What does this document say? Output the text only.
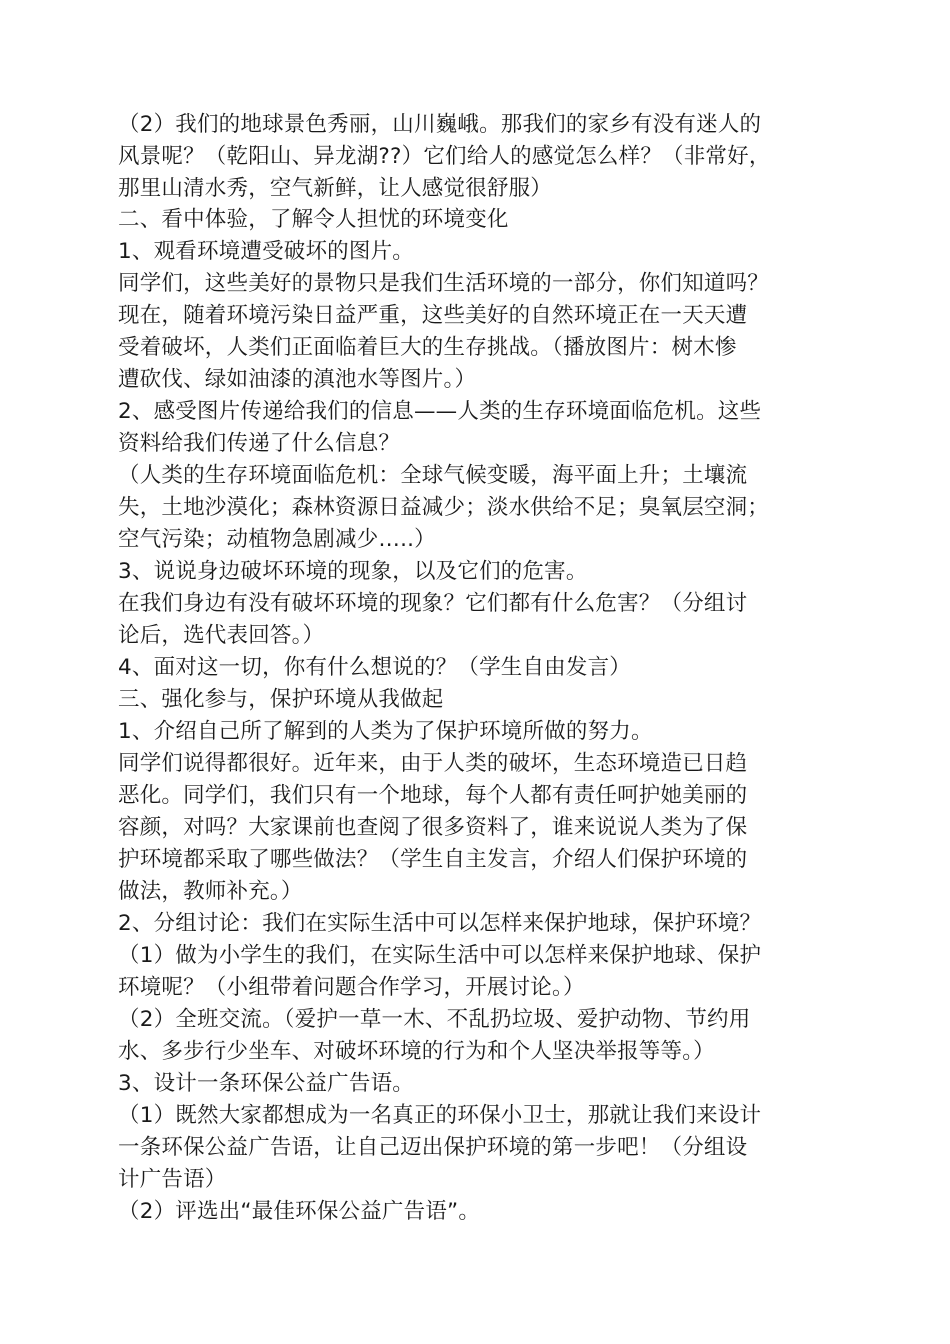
（2）我们的地球景色秀丽，山川巍峨。那我们的家乡有没有迷人的
风景呢？（乾阳山、异龙湖??）它们给人的感觉怎么样？（非常好，
那里山清水秀，空气新鲜，让人感觉很舒服）
二、看中体验，了解令人担忧的环境变化
1、观看环境遭受破坏的图片。
同学们，这些美好的景物只是我们生活环境的一部分，你们知道吗？
现在，随着环境污染日益严重，这些美好的自然环境正在一天天遭
受着破坏，人类们正面临着巨大的生存挑战。（播放图片：树木惨
遭砍伐、绿如油漆的滇池水等图片。）
2、感受图片传递给我们的信息——人类的生存环境面临危机。这些
资料给我们传递了什么信息？
（人类的生存环境面临危机：全球气候变暖，海平面上升；土壤流
失，土地沙漠化；森林资源日益减少；淡水供给不足；臭氧层空洞；
空气污染；动植物急剧减少…..）
3、说说身边破坏环境的现象，以及它们的危害。
在我们身边有没有破坏环境的现象？它们都有什么危害？（分组讨
论后，选代表回答。）
4、面对这一切，你有什么想说的？（学生自由发言）
三、强化参与，保护环境从我做起
1、介绍自己所了解到的人类为了保护环境所做的努力。
同学们说得都很好。近年来，由于人类的破坏，生态环境造已日趋
恶化。同学们，我们只有一个地球，每个人都有责任呵护她美丽的
容颜，对吗？大家课前也查阅了很多资料了，谁来说说人类为了保
护环境都采取了哪些做法？（学生自主发言，介绍人们保护环境的
做法，教师补充。）
2、分组讨论：我们在实际生活中可以怎样来保护地球，保护环境？
（1）做为小学生的我们，在实际生活中可以怎样来保护地球、保护
环境呢？（小组带着问题合作学习，开展讨论。）
（2）全班交流。（爱护一草一木、不乱扔垃圾、爱护动物、节约用
水、多步行少坐车、对破坏环境的行为和个人坚决举报等等。）
3、设计一条环保公益广告语。
（1）既然大家都想成为一名真正的环保小卫士，那就让我们来设计
一条环保公益广告语，让自己迈出保护环境的第一步吧！（分组设
计广告语）
（2）评选出“最佳环保公益广告语”。
